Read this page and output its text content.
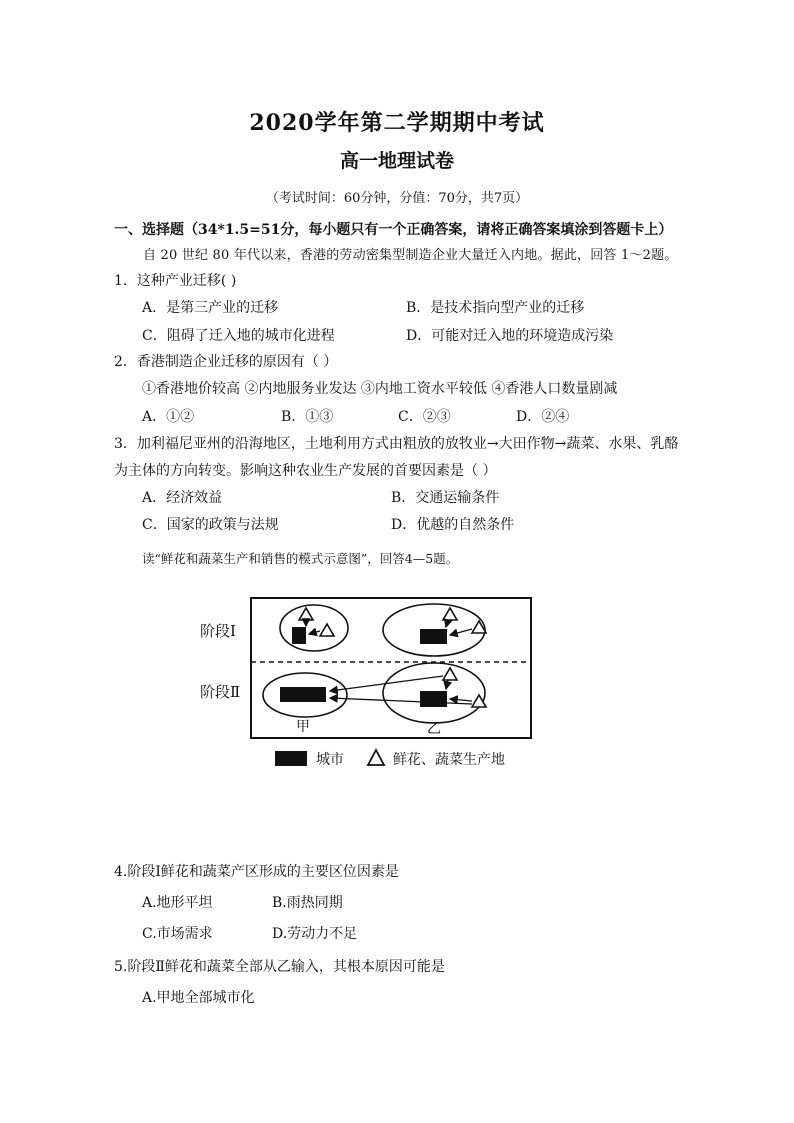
2020学年第二学期期中考试
高一地理试卷
（考试时间：60分钟，分值：70分，共7页）
一、选择题（34*1.5=51分，每小题只有一个正确答案，请将正确答案填涂到答题卡上）
自 20 世纪 80 年代以来，香港的劳动密集型制造企业大量迁入内地。据此，回答 1～2题。
1．这种产业迁移( )
A．是第三产业的迁移	B．是技术指向型产业的迁移
C．阻碍了迁入地的城市化进程	D．可能对迁入地的环境造成污染
2．香港制造企业迁移的原因有（ ）
①香港地价较高 ②内地服务业发达 ③内地工资水平较低 ④香港人口数量剧减
A．①②	B．①③	C．②③	D．②④
3．加利福尼亚州的沿海地区，土地利用方式由粗放的放牧业→大田作物→蔬菜、水果、乳酪
为主体的方向转变。影响这种农业生产发展的首要因素是（ ）
A．经济效益	B．交通运输条件
C．国家的政策与法规	D．优越的自然条件
读“鲜花和蔬菜生产和销售的模式示意图”，回答4—5题。
阶段Ⅰ
阶段Ⅱ
甲	乙
城市	鲜花、蔬菜生产地
4.阶段Ⅰ鲜花和蔬菜产区形成的主要区位因素是
A.地形平坦	B.雨热同期
C.市场需求	D.劳动力不足
5.阶段Ⅱ鲜花和蔬菜全部从乙输入，其根本原因可能是
A.甲地全部城市化
